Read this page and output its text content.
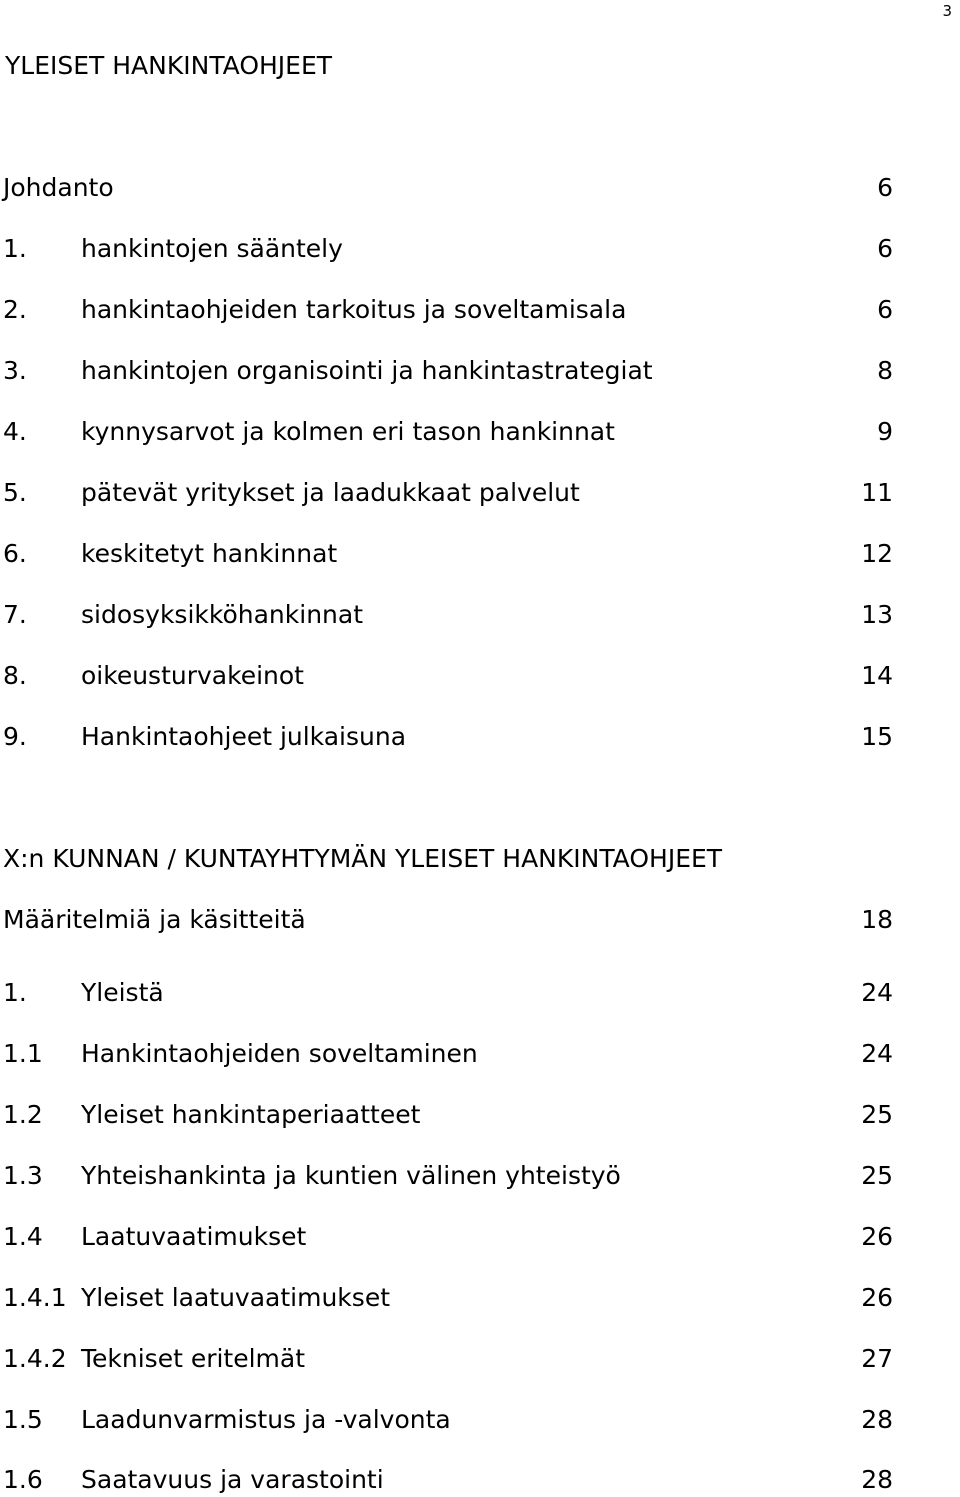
3
YLEISET HANKINTAOHJEET
Johdanto	6
1. hankintojen sääntely	6
2. hankintaohjeiden tarkoitus ja soveltamisala	6
3. hankintojen organisointi ja hankintastrategiat	8
4. kynnysarvot ja kolmen eri tason hankinnat	9
5. pätevät yritykset ja laadukkaat palvelut	11
6. keskitetyt hankinnat	12
7. sidosyksikköhankinnat	13
8. oikeusturvakeinot	14
9. Hankintaohjeet julkaisuna	15
X:n KUNNAN / KUNTAYHTYMÄN YLEISET HANKINTAOHJEET
Määritelmiä ja käsitteitä	18
1. Yleistä	24
1.1 Hankintaohjeiden soveltaminen	24
1.2 Yleiset hankintaperiaatteet	25
1.3 Yhteishankinta ja kuntien välinen yhteistyö	25
1.4 Laatuvaatimukset	26
1.4.1 Yleiset laatuvaatimukset	26
1.4.2 Tekniset eritelmät	27
1.5 Laadunvarmistus ja -valvonta	28
1.6 Saatavuus ja varastointi	28
